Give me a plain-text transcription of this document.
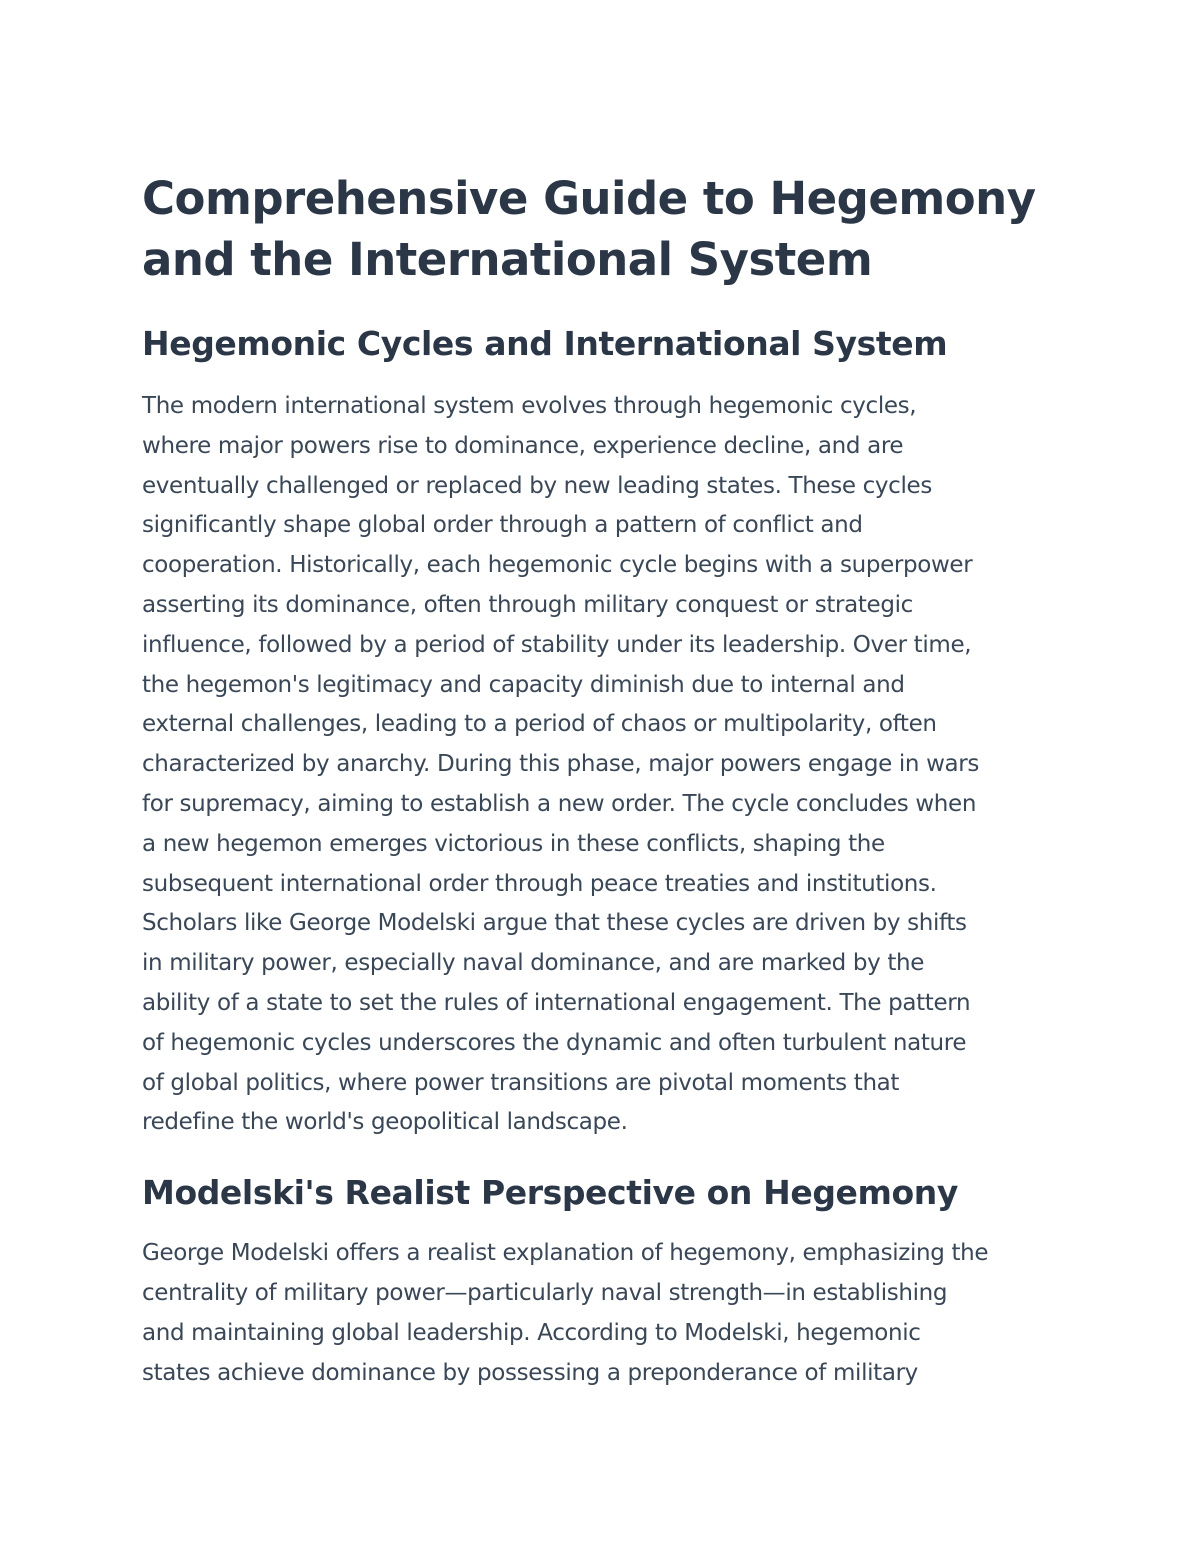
Comprehensive Guide to Hegemony
and the International System
Hegemonic Cycles and International System

The modern international system evolves through hegemonic cycles,
where major powers rise to dominance, experience decline, and are
eventually challenged or replaced by new leading states. These cycles
significantly shape global order through a pattern of conflict and
cooperation. Historically, each hegemonic cycle begins with a superpower
asserting its dominance, often through military conquest or strategic
influence, followed by a period of stability under its leadership. Over time,
the hegemon's legitimacy and capacity diminish due to internal and
external challenges, leading to a period of chaos or multipolarity, often
characterized by anarchy. During this phase, major powers engage in wars
for supremacy, aiming to establish a new order. The cycle concludes when
a new hegemon emerges victorious in these conflicts, shaping the
subsequent international order through peace treaties and institutions.
Scholars like George Modelski argue that these cycles are driven by shifts
in military power, especially naval dominance, and are marked by the
ability of a state to set the rules of international engagement. The pattern
of hegemonic cycles underscores the dynamic and often turbulent nature
of global politics, where power transitions are pivotal moments that
redefine the world's geopolitical landscape.

Modelski's Realist Perspective on Hegemony

George Modelski offers a realist explanation of hegemony, emphasizing the
centrality of military power—particularly naval strength—in establishing
and maintaining global leadership. According to Modelski, hegemonic
states achieve dominance by possessing a preponderance of military
